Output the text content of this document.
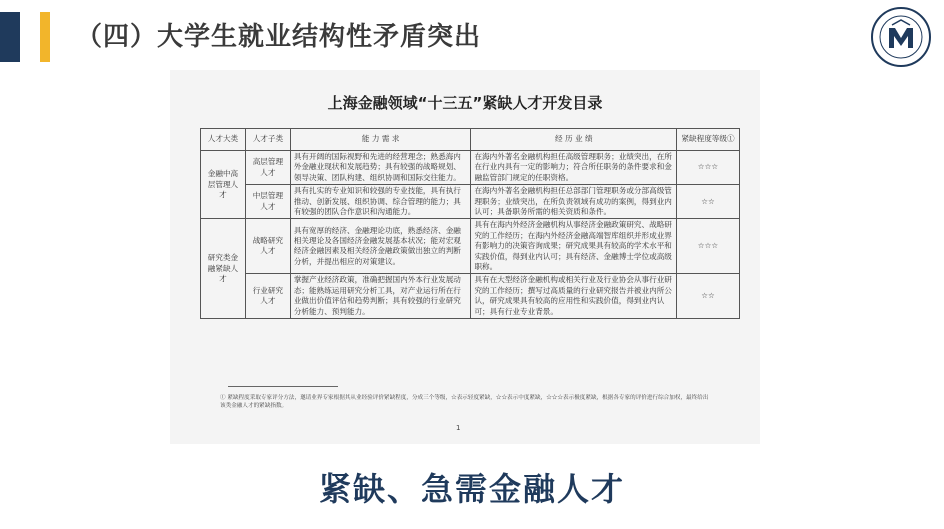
（四）大学生就业结构性矛盾突出
上海金融领域“十三五”紧缺人才开发目录
人才大类	人才子类	能 力 需 求	经 历 业 绩	紧缺程度等级①
金融中高层管理人才	高层管理人才	具有开阔的国际视野和先进的经营理念；熟悉海内外金融业现状和发展趋势；具有较强的战略规划、领导决策、团队构建、组织协调和国际交往能力。	在海内外著名金融机构担任高级管理职务；业绩突出，在所在行业内具有一定的影响力；符合所任职务的条件要求和金融监管部门规定的任职资格。	☆☆☆
	中层管理人才	具有扎实的专业知识和较强的专业技能，具有执行推动、创新发展、组织协调、综合管理的能力；具有较强的团队合作意识和沟通能力。	在海内外著名金融机构担任总部部门管理职务或分部高级管理职务；业绩突出，在所负责领域有成功的案例，得到业内认可；具备职务所需的相关资质和条件。	☆☆
研究类金融紧缺人才	战略研究人才	具有宽厚的经济、金融理论功底，熟悉经济、金融相关理论及各国经济金融发展基本状况；能对宏观经济金融因素及相关经济金融政策做出独立的判断分析，并提出相应的对策建议。	具有在海内外经济金融机构从事经济金融政策研究、战略研究的工作经历；在海内外经济金融高端智库组织并形成业界有影响力的决策咨询成果；研究成果具有较高的学术水平和实践价值，得到业内认可；具有经济、金融博士学位或高级职称。	☆☆☆
	行业研究人才	掌握产业经济政策，准确把握国内外本行业发展动态；能熟练运用研究分析工具，对产业运行所在行业做出价值评估和趋势判断；具有较强的行业研究分析能力、预判能力。	具有在大型经济金融机构或相关行业及行业协会从事行业研究的工作经历；撰写过高质量的行业研究报告并被业内所公认，研究成果具有较高的应用性和实践价值，得到业内认可；具有行业专业背景。	☆☆
① 紧缺程度采取专家评分方法，邀请业界专家根据其从业经验评价紧缺程度，分成三个等级，☆表示轻度紧缺，☆☆表示中度紧缺，☆☆☆表示极度紧缺，根据各专家的评价进行综合加权，最终给出该类金融人才的紧缺指数。
1
紧缺、急需金融人才
